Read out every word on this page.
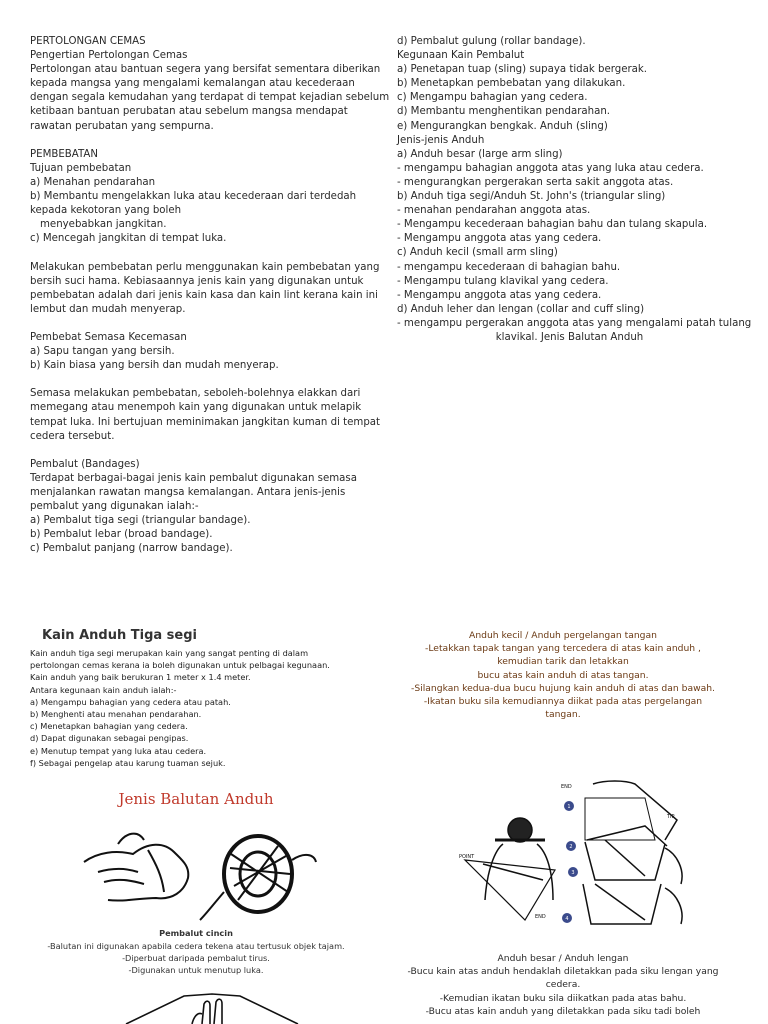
PERTOLONGAN CEMAS
Pengertian Pertolongan Cemas
Pertolongan atau bantuan segera yang bersifat sementara diberikan
kepada mangsa yang mengalami kemalangan atau kecederaan
dengan segala kemudahan yang terdapat di tempat kejadian sebelum
ketibaan bantuan perubatan atau sebelum mangsa mendapat
rawatan perubatan yang sempurna.
PEMBEBATAN
Tujuan pembebatan
a) Menahan pendarahan
b) Membantu mengelakkan luka atau kecederaan dari terdedah
kepada kekotoran yang boleh
menyebabkan jangkitan.
c) Mencegah jangkitan di tempat luka.
Melakukan pembebatan perlu menggunakan kain pembebatan yang
bersih suci hama. Kebiasaannya jenis kain yang digunakan untuk
pembebatan adalah dari jenis kain kasa dan kain lint kerana kain ini
lembut dan mudah menyerap.
Pembebat Semasa Kecemasan
a) Sapu tangan yang bersih.
b) Kain biasa yang bersih dan mudah menyerap.
Semasa melakukan pembebatan, seboleh-bolehnya elakkan dari
memegang atau menempoh kain yang digunakan untuk melapik
tempat luka. Ini bertujuan meminimakan jangkitan kuman di tempat
cedera tersebut.
Pembalut (Bandages)
Terdapat berbagai-bagai jenis kain pembalut digunakan semasa
menjalankan rawatan mangsa kemalangan. Antara jenis-jenis
pembalut yang digunakan ialah:-
a) Pembalut tiga segi (triangular bandage).
b) Pembalut lebar (broad bandage).
c) Pembalut panjang (narrow bandage).
d) Pembalut gulung (rollar bandage).
Kegunaan Kain Pembalut
a) Penetapan tuap (sling) supaya tidak bergerak.
b) Menetapkan pembebatan yang dilakukan.
c) Mengampu bahagian yang cedera.
d) Membantu menghentikan pendarahan.
e) Mengurangkan bengkak. Anduh (sling)
Jenis-jenis Anduh
a) Anduh besar (large arm sling)
- mengampu bahagian anggota atas yang luka atau cedera.
- mengurangkan pergerakan serta sakit anggota atas.
b) Anduh tiga segi/Anduh St. John's (triangular sling)
- menahan pendarahan anggota atas.
- Mengampu kecederaan bahagian bahu dan tulang skapula.
- Mengampu anggota atas yang cedera.
c) Anduh kecil (small arm sling)
- mengampu kecederaan di bahagian bahu.
- Mengampu tulang klavikal yang cedera.
- Mengampu anggota atas yang cedera.
d) Anduh leher dan lengan (collar and cuff sling)
- mengampu pergerakan anggota atas yang mengalami patah tulang
klavikal. Jenis Balutan Anduh
Kain Anduh Tiga segi
Kain anduh tiga segi merupakan kain yang sangat penting di dalam
pertolongan cemas kerana ia boleh digunakan untuk pelbagai kegunaan.
Kain anduh yang baik berukuran 1 meter x 1.4 meter.
Antara kegunaan kain anduh ialah:-
a) Mengampu bahagian yang cedera atau patah.
b) Menghenti atau menahan pendarahan.
c) Menetapkan bahagian yang cedera.
d) Dapat digunakan sebagai pengipas.
e) Menutup tempat yang luka atau cedera.
f) Sebagai pengelap atau karung tuaman sejuk.
Jenis Balutan Anduh
Pembalut cincin
-Balutan ini digunakan apabila cedera tekena atau tertusuk objek tajam.
-Diperbuat daripada pembalut tirus.
-Digunakan untuk menutup luka.
Anduh kecil / Anduh pergelangan tangan
-Letakkan tapak tangan yang tercedera di atas kain anduh ,
kemudian tarik dan letakkan
bucu atas kain anduh di atas tangan.
-Silangkan kedua-dua bucu hujung kain anduh di atas dan bawah.
-Ikatan buku sila kemudiannya diikat pada atas pergelangan
tangan.
1
2
3
4
END
TIP
POINT
END
Anduh besar / Anduh lengan
-Bucu kain atas anduh hendaklah diletakkan pada siku lengan yang
cedera.
-Kemudian ikatan buku sila diikatkan pada atas bahu.
-Bucu atas kain anduh yang diletakkan pada siku tadi boleh
